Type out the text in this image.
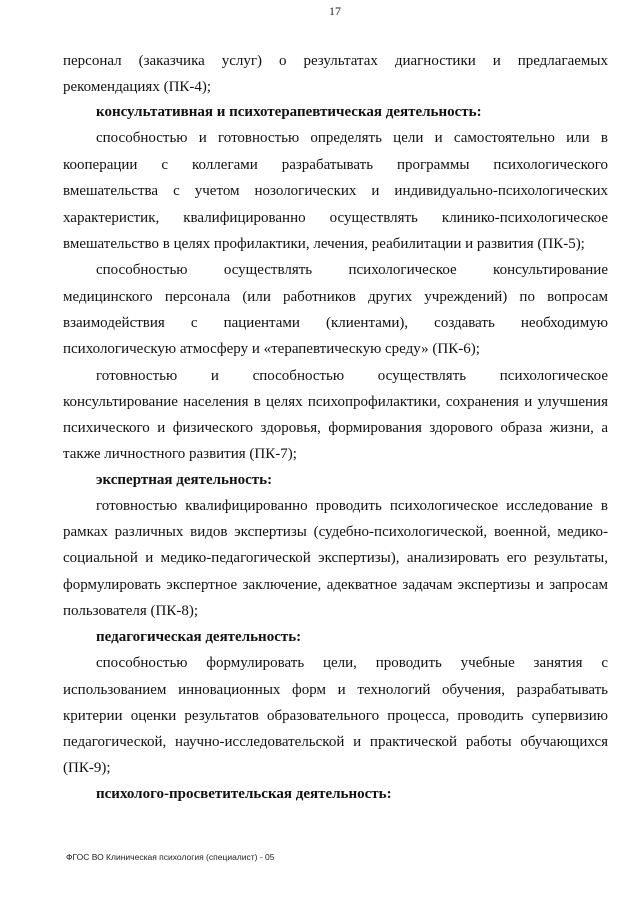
17
персонал (заказчика услуг) о результатах диагностики и предлагаемых
рекомендациях (ПК-4);
консультативная и психотерапевтическая деятельность:
способностью и готовностью определять цели и самостоятельно или в
кооперации с коллегами разрабатывать программы психологического
вмешательства с учетом нозологических и индивидуально-психологических
характеристик, квалифицированно осуществлять клинико-психологическое
вмешательство в целях профилактики, лечения, реабилитации и развития (ПК-5);
способностью осуществлять психологическое консультирование
медицинского персонала (или работников других учреждений) по вопросам
взаимодействия с пациентами (клиентами), создавать необходимую
психологическую атмосферу и «терапевтическую среду» (ПК-6);
готовностью и способностью осуществлять психологическое
консультирование населения в целях психопрофилактики, сохранения и улучшения
психического и физического здоровья, формирования здорового образа жизни, а
также личностного развития (ПК-7);
экспертная деятельность:
готовностью квалифицированно проводить психологическое исследование в
рамках различных видов экспертизы (судебно-психологической, военной, медико-
социальной и медико-педагогической экспертизы), анализировать его результаты,
формулировать экспертное заключение, адекватное задачам экспертизы и запросам
пользователя (ПК-8);
педагогическая деятельность:
способностью формулировать цели, проводить учебные занятия с
использованием инновационных форм и технологий обучения, разрабатывать
критерии оценки результатов образовательного процесса, проводить супервизию
педагогической, научно-исследовательской и практической работы обучающихся
(ПК-9);
психолого-просветительская деятельность:
ФГОС ВО Клиническая психология (специалист) - 05
